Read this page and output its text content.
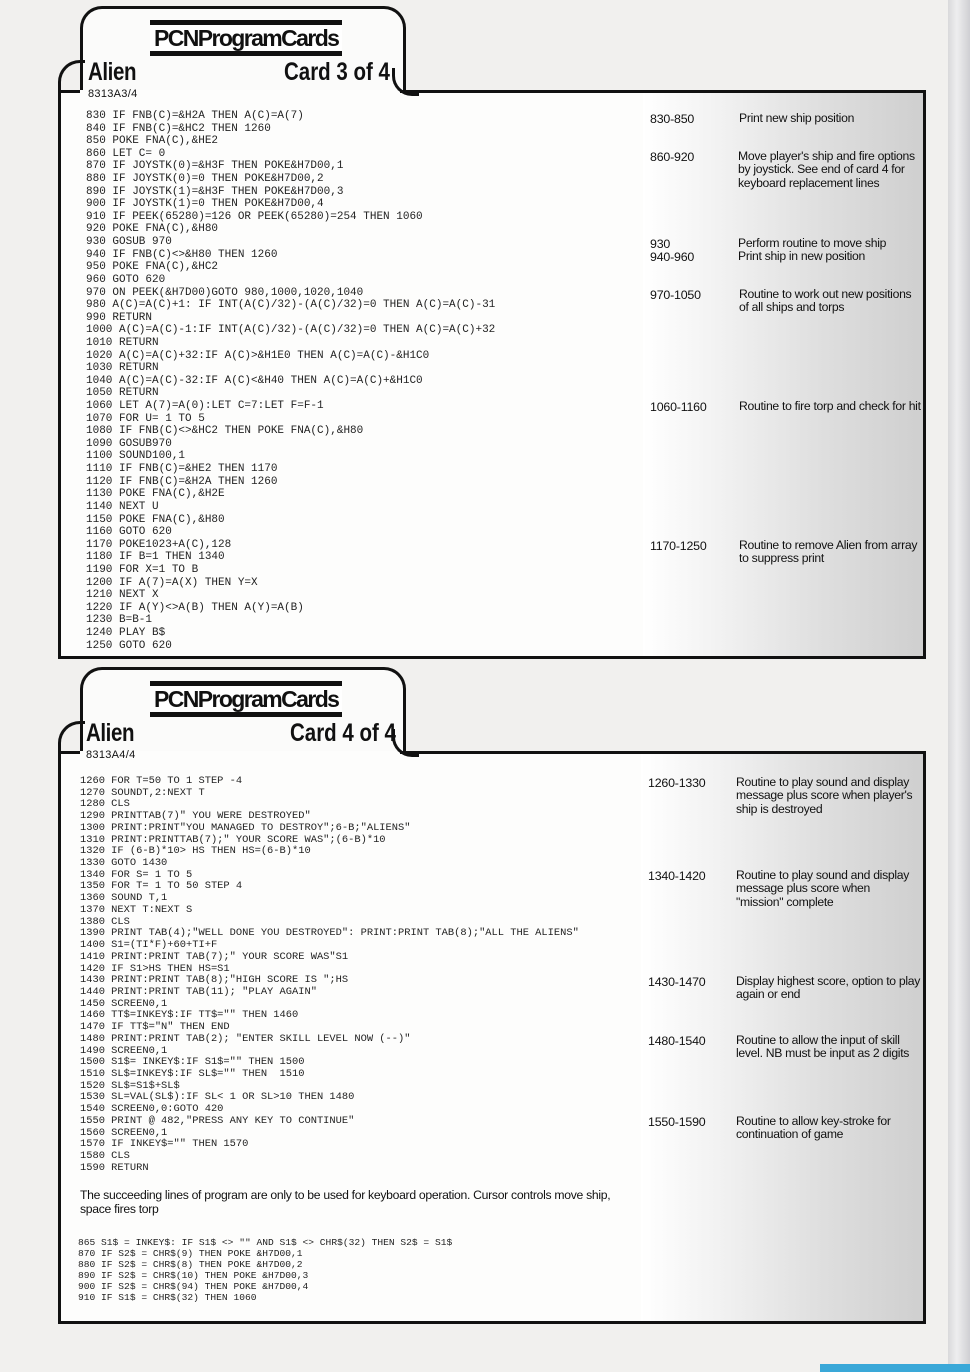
PCNProgramCards
Alien	Card 3 of 4
8313A3/4
830 IF FNB(C)=&H2A THEN A(C)=A(7)
840 IF FNB(C)=&HC2 THEN 1260
850 POKE FNA(C),&HE2
860 LET C= 0
870 IF JOYSTK(0)=&H3F THEN POKE&H7D00,1
880 IF JOYSTK(0)=0 THEN POKE&H7D00,2
890 IF JOYSTK(1)=&H3F THEN POKE&H7D00,3
900 IF JOYSTK(1)=0 THEN POKE&H7D00,4
910 IF PEEK(65280)=126 OR PEEK(65280)=254 THEN 1060
920 POKE FNA(C),&H80
930 GOSUB 970
940 IF FNB(C)<>&H80 THEN 1260
950 POKE FNA(C),&HC2
960 GOTO 620
970 ON PEEK(&H7D00)GOTO 980,1000,1020,1040
980 A(C)=A(C)+1: IF INT(A(C)/32)-(A(C)/32)=0 THEN A(C)=A(C)-31
990 RETURN
1000 A(C)=A(C)-1:IF INT(A(C)/32)-(A(C)/32)=0 THEN A(C)=A(C)+32
1010 RETURN
1020 A(C)=A(C)+32:IF A(C)>&H1E0 THEN A(C)=A(C)-&H1C0
1030 RETURN
1040 A(C)=A(C)-32:IF A(C)<&H40 THEN A(C)=A(C)+&H1C0
1050 RETURN
1060 LET A(7)=A(0):LET C=7:LET F=F-1
1070 FOR U= 1 TO 5
1080 IF FNB(C)<>&HC2 THEN POKE FNA(C),&H80
1090 GOSUB970
1100 SOUND100,1
1110 IF FNB(C)=&HE2 THEN 1170
1120 IF FNB(C)=&H2A THEN 1260
1130 POKE FNA(C),&H2E
1140 NEXT U
1150 POKE FNA(C),&H80
1160 GOTO 620
1170 POKE1023+A(C),128
1180 IF B=1 THEN 1340
1190 FOR X=1 TO B
1200 IF A(7)=A(X) THEN Y=X
1210 NEXT X
1220 IF A(Y)<>A(B) THEN A(Y)=A(B)
1230 B=B-1
1240 PLAY B$
1250 GOTO 620
830-850	Print new ship position
860-920	Move player's ship and fire options by joystick. See end of card 4 for keyboard replacement lines
930	Perform routine to move ship
940-960	Print ship in new position
970-1050	Routine to work out new positions of all ships and torps
1060-1160	Routine to fire torp and check for hit
1170-1250	Routine to remove Alien from array to suppress print
PCNProgramCards
Alien	Card 4 of 4
8313A4/4
1260 FOR T=50 TO 1 STEP -4
1270 SOUNDT,2:NEXT T
1280 CLS
1290 PRINTTAB(7)" YOU WERE DESTROYED"
1300 PRINT:PRINT"YOU MANAGED TO DESTROY";6-B;"ALIENS"
1310 PRINT:PRINTTAB(7);" YOUR SCORE WAS";(6-B)*10
1320 IF (6-B)*10> HS THEN HS=(6-B)*10
1330 GOTO 1430
1340 FOR S= 1 TO 5
1350 FOR T= 1 TO 50 STEP 4
1360 SOUND T,1
1370 NEXT T:NEXT S
1380 CLS
1390 PRINT TAB(4);"WELL DONE YOU DESTROYED": PRINT:PRINT TAB(8);"ALL THE ALIENS"
1400 S1=(TI*F)+60+TI+F
1410 PRINT:PRINT TAB(7);" YOUR SCORE WAS"S1
1420 IF S1>HS THEN HS=S1
1430 PRINT:PRINT TAB(8);"HIGH SCORE IS ";HS
1440 PRINT:PRINT TAB(11); "PLAY AGAIN"
1450 SCREEN0,1
1460 TT$=INKEY$:IF TT$="" THEN 1460
1470 IF TT$="N" THEN END
1480 PRINT:PRINT TAB(2); "ENTER SKILL LEVEL NOW (--)"
1490 SCREEN0,1
1500 S1$= INKEY$:IF S1$="" THEN 1500
1510 SL$=INKEY$:IF SL$="" THEN  1510
1520 SL$=S1$+SL$
1530 SL=VAL(SL$):IF SL< 1 OR SL>10 THEN 1480
1540 SCREEN0,0:GOTO 420
1550 PRINT @ 482,"PRESS ANY KEY TO CONTINUE"
1560 SCREEN0,1
1570 IF INKEY$="" THEN 1570
1580 CLS
1590 RETURN
The succeeding lines of program are only to be used for keyboard operation. Cursor controls move ship, space fires torp
865 S1$ = INKEY$: IF S1$ <> "" AND S1$ <> CHR$(32) THEN S2$ = S1$
870 IF S2$ = CHR$(9) THEN POKE &H7D00,1
880 IF S2$ = CHR$(8) THEN POKE &H7D00,2
890 IF S2$ = CHR$(10) THEN POKE &H7D00,3
900 IF S2$ = CHR$(94) THEN POKE &H7D00,4
910 IF S1$ = CHR$(32) THEN 1060
1260-1330	Routine to play sound and display message plus score when player's ship is destroyed
1340-1420	Routine to play sound and display message plus score when "mission" complete
1430-1470	Display highest score, option to play again or end
1480-1540	Routine to allow the input of skill level. NB must be input as 2 digits
1550-1590	Routine to allow key-stroke for continuation of game
